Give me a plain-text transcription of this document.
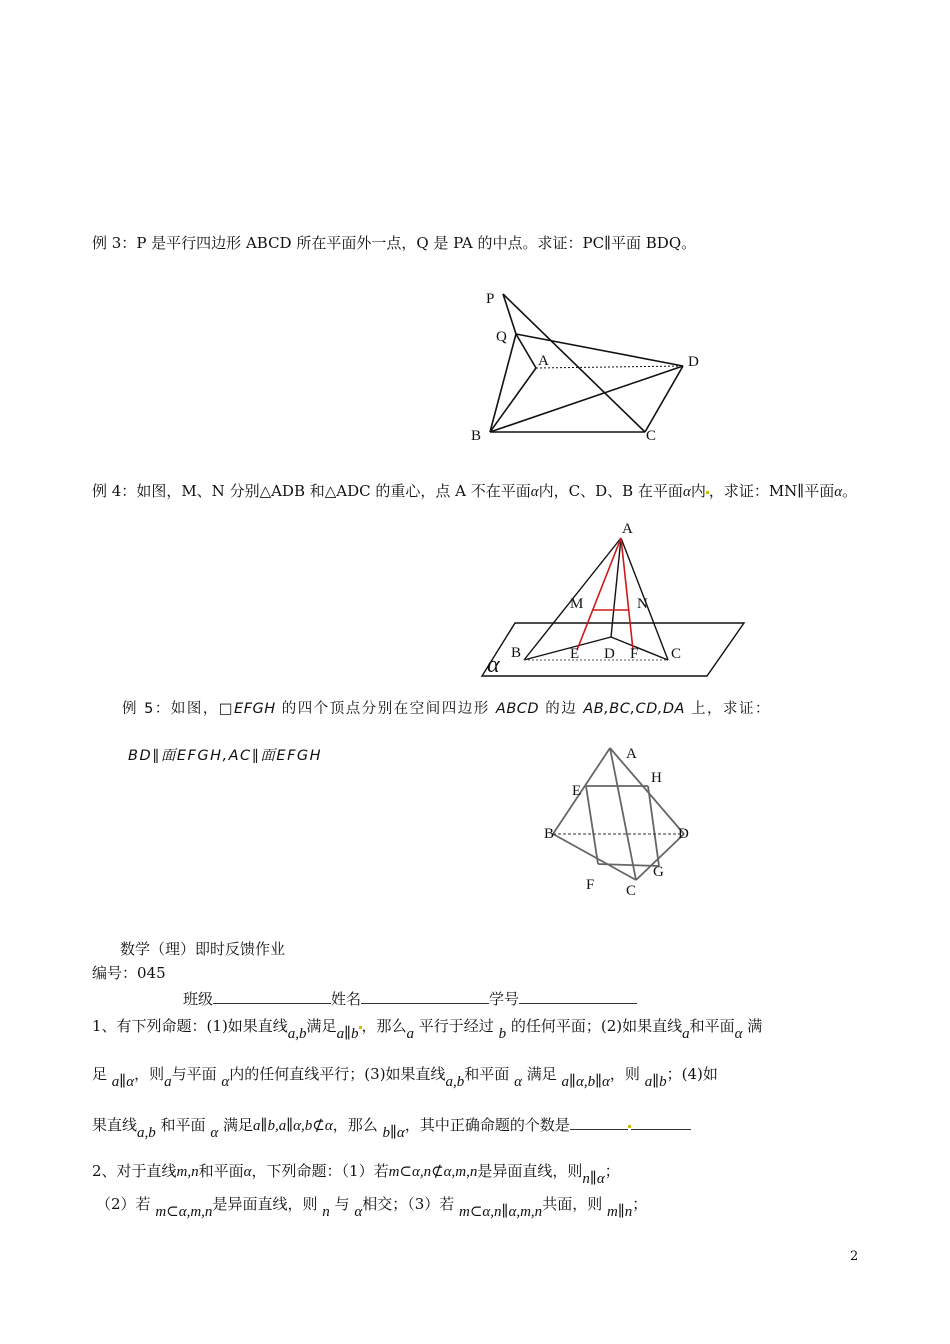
例 3：P 是平行四边形 ABCD 所在平面外一点，Q 是 PA 的中点。求证：PC∥平面 BDQ。
P
Q
A	D
B	C
例 4：如图，M、N 分别△ADB 和△ADC 的重心，点 A 不在平面α内，C、D、B 在平面α内 ，求证：MN∥平面α。
A
M	N
B	E D F C
α
例 5：如图，□EFGH 的四个顶点分别在空间四边形 ABCD 的边 AB,BC,CD,DA 上，求证：
BD∥面EFGH,AC∥面EFGH	A
H
E
B	D
G
F C
数学（理）即时反馈作业
编号：045
班级	姓名	学号
1、有下列命题：(1)如果直线a,b满足a∥b ，那么a 平行于经过 b 的任何平面；(2)如果直线a和平面α 满
足 a∥α，则a与平面 α内的任何直线平行；(3)如果直线a,b和平面 α 满足 a∥α,b∥α，则 a∥b；(4)如
果直线a,b 和平面 α 满足a∥b,a∥α,b⊄α，那么 b∥α，其中正确命题的个数是
2、对于直线m,n和平面α，下列命题：（1）若m⊂α,n⊄α,m,n是异面直线，则n∥α；
（2）若 m⊂α,m,n是异面直线，则 n 与 α相交；（3）若 m⊂α,n∥α,m,n共面，则 m∥n；
2
